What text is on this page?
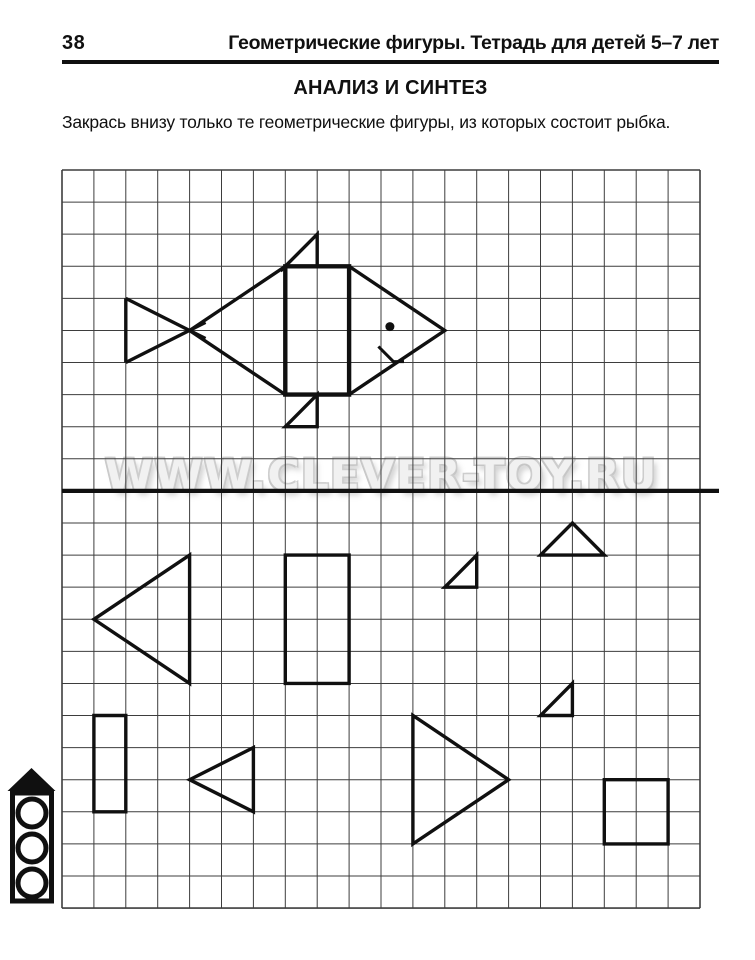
38	Геометрические фигуры. Тетрадь для детей 5–7 лет
АНАЛИЗ И СИНТЕЗ
Закрась внизу только те геометрические фигуры, из которых состоит рыбка.
WWW.CLEVER-TOY.RU
